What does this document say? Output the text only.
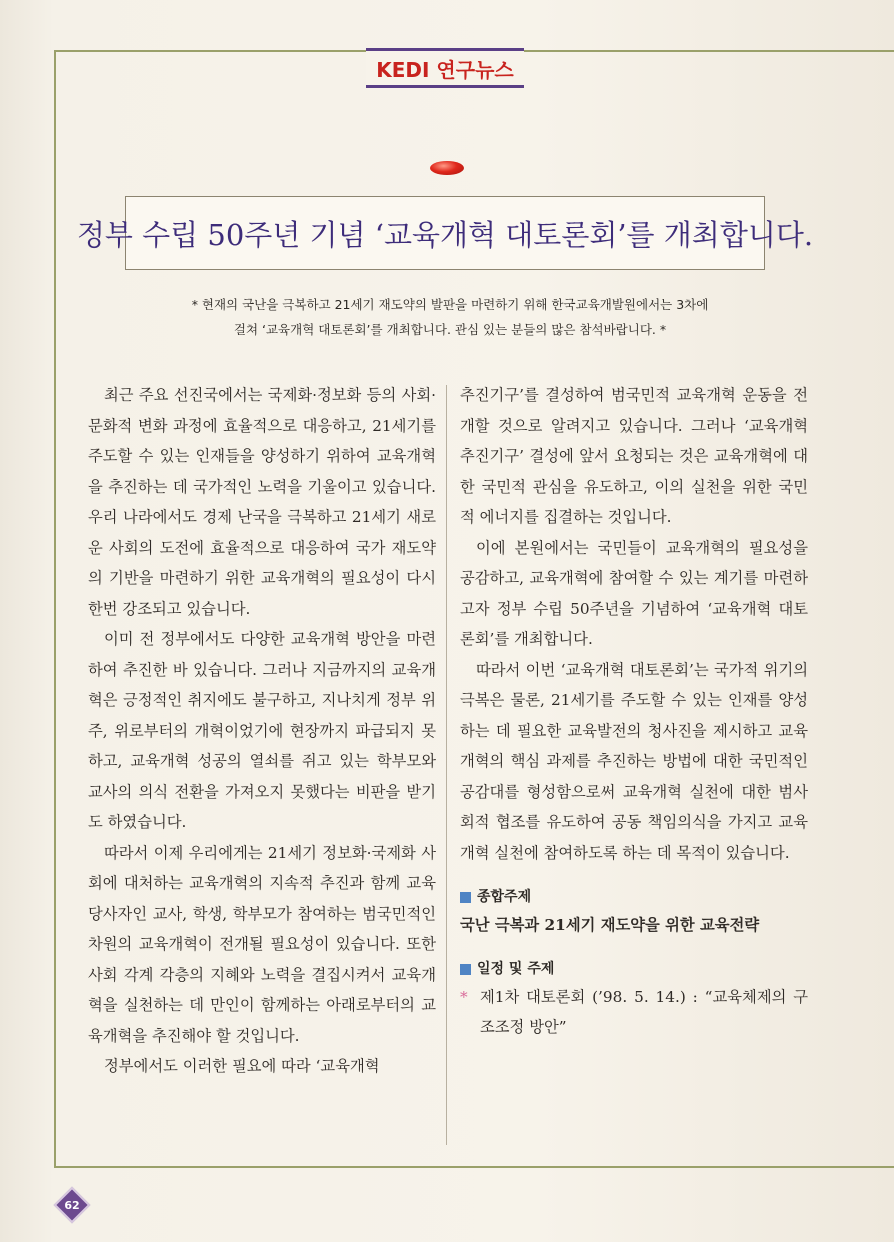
KEDI 연구뉴스
정부 수립 50주년 기념 ‘교육개혁 대토론회’를 개최합니다.
* 현재의 국난을 극복하고 21세기 재도약의 발판을 마련하기 위해 한국교육개발원에서는 3차에
걸쳐 ‘교육개혁 대토론회’를 개최합니다. 관심 있는 분들의 많은 참석바랍니다. *

최근 주요 선진국에서는 국제화·정보화 등의 사회·문화적 변화 과정에 효율적으로 대응하고, 21세기를 주도할 수 있는 인재들을 양성하기 위하여 교육개혁을 추진하는 데 국가적인 노력을 기울이고 있습니다. 우리 나라에서도 경제 난국을 극복하고 21세기 새로운 사회의 도전에 효율적으로 대응하여 국가 재도약의 기반을 마련하기 위한 교육개혁의 필요성이 다시 한번 강조되고 있습니다.

이미 전 정부에서도 다양한 교육개혁 방안을 마련하여 추진한 바 있습니다. 그러나 지금까지의 교육개혁은 긍정적인 취지에도 불구하고, 지나치게 정부 위주, 위로부터의 개혁이었기에 현장까지 파급되지 못하고, 교육개혁 성공의 열쇠를 쥐고 있는 학부모와 교사의 의식 전환을 가져오지 못했다는 비판을 받기도 하였습니다.

따라서 이제 우리에게는 21세기 정보화·국제화 사회에 대처하는 교육개혁의 지속적 추진과 함께 교육 당사자인 교사, 학생, 학부모가 참여하는 범국민적인 차원의 교육개혁이 전개될 필요성이 있습니다. 또한 사회 각계 각층의 지혜와 노력을 결집시켜서 교육개혁을 실천하는 데 만인이 함께하는 아래로부터의 교육개혁을 추진해야 할 것입니다.

정부에서도 이러한 필요에 따라 ‘교육개혁

추진기구’를 결성하여 범국민적 교육개혁 운동을 전개할 것으로 알려지고 있습니다. 그러나 ‘교육개혁 추진기구’ 결성에 앞서 요청되는 것은 교육개혁에 대한 국민적 관심을 유도하고, 이의 실천을 위한 국민적 에너지를 집결하는 것입니다.

이에 본원에서는 국민들이 교육개혁의 필요성을 공감하고, 교육개혁에 참여할 수 있는 계기를 마련하고자 정부 수립 50주년을 기념하여 ‘교육개혁 대토론회’를 개최합니다.

따라서 이번 ‘교육개혁 대토론회’는 국가적 위기의 극복은 물론, 21세기를 주도할 수 있는 인재를 양성하는 데 필요한 교육발전의 청사진을 제시하고 교육개혁의 핵심 과제를 추진하는 방법에 대한 국민적인 공감대를 형성함으로써 교육개혁 실천에 대한 범사회적 협조를 유도하여 공동 책임의식을 가지고 교육개혁 실천에 참여하도록 하는 데 목적이 있습니다.

종합주제
국난 극복과 21세기 재도약을 위한 교육전략
일정 및 주제
* 제1차 대토론회 (’98. 5. 14.) : “교육체제의 구조조정 방안”
62
